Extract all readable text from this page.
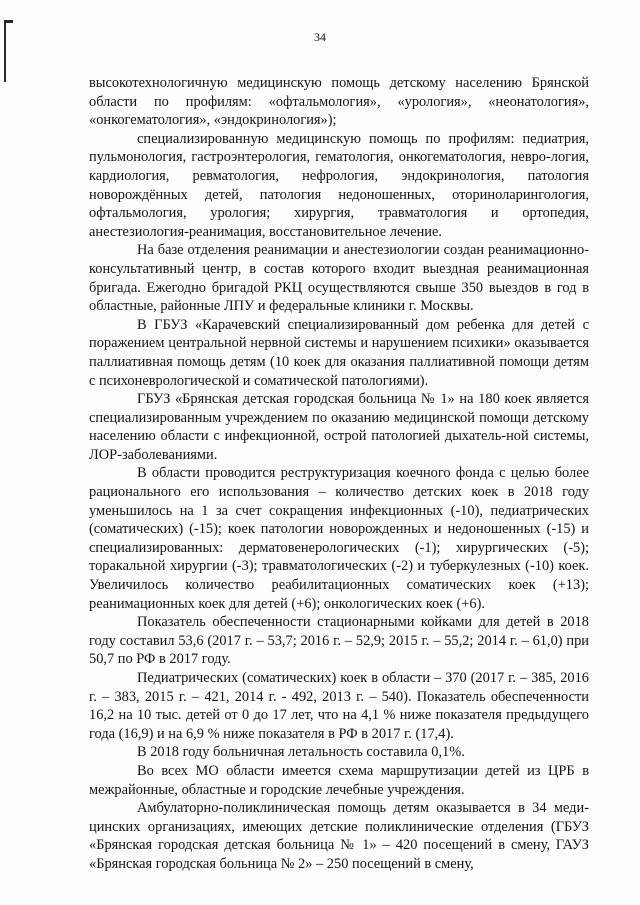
34

высокотехнологичную медицинскую помощь детскому населению Брянской области по профилям: «офтальмология», «урология», «неонатология», «онкогематология», «эндокринология»);

специализированную медицинскую помощь по профилям: педиатрия, пульмонология, гастроэнтерология, гематология, онкогематология, невро-логия, кардиология, ревматология, нефрология, эндокринология, патология новорождённых детей, патология недоношенных, оториноларингология, офтальмология, урология; хирургия, травматология и ортопедия, анестезиология-реанимация, восстановительное лечение.

На базе отделения реанимации и анестезиологии создан реанимационно-консультативный центр, в состав которого входит выездная реанимационная бригада. Ежегодно бригадой РКЦ осуществляются свыше 350 выездов в год в областные, районные ЛПУ и федеральные клиники г. Москвы.

В ГБУЗ «Карачевский специализированный дом ребенка для детей с поражением центральной нервной системы и нарушением психики» оказывается паллиативная помощь детям (10 коек для оказания паллиативной помощи детям с психоневрологической и соматической патологиями).

ГБУЗ «Брянская детская городская больница № 1» на 180 коек является специализированным учреждением по оказанию медицинской помощи детскому населению области с инфекционной, острой патологией дыхатель-ной системы, ЛОР-заболеваниями.

В области проводится реструктуризация коечного фонда с целью более рационального его использования – количество детских коек в 2018 году уменьшилось на 1 за счет сокращения инфекционных (-10), педиатрических (соматических) (-15); коек патологии новорожденных и недоношенных (-15) и специализированных: дерматовенерологических (-1); хирургических (-5); торакальной хирургии (-3); травматологических (-2) и туберкулезных (-10) коек. Увеличилось количество реабилитационных соматических коек (+13); реанимационных коек для детей (+6); онкологических коек (+6).

Показатель обеспеченности стационарными койками для детей в 2018 году составил 53,6 (2017 г. – 53,7; 2016 г. – 52,9; 2015 г. – 55,2; 2014 г. – 61,0) при 50,7 по РФ в 2017 году.

Педиатрических (соматических) коек в области – 370 (2017 г. – 385, 2016 г. – 383, 2015 г. – 421, 2014 г. - 492, 2013 г. – 540). Показатель обеспеченности 16,2 на 10 тыс. детей от 0 до 17 лет, что на 4,1 % ниже показателя предыдущего года (16,9) и на 6,9 % ниже показателя в РФ в 2017 г. (17,4).

В 2018 году больничная летальность составила 0,1%.

Во всех МО области имеется схема маршрутизации детей из ЦРБ в межрайонные, областные и городские лечебные учреждения.

Амбулаторно-поликлиническая помощь детям оказывается в 34 меди-цинских организациях, имеющих детские поликлинические отделения (ГБУЗ «Брянская городская детская больница № 1» – 420 посещений в смену, ГАУЗ «Брянская городская больница № 2» – 250 посещений в смену,
